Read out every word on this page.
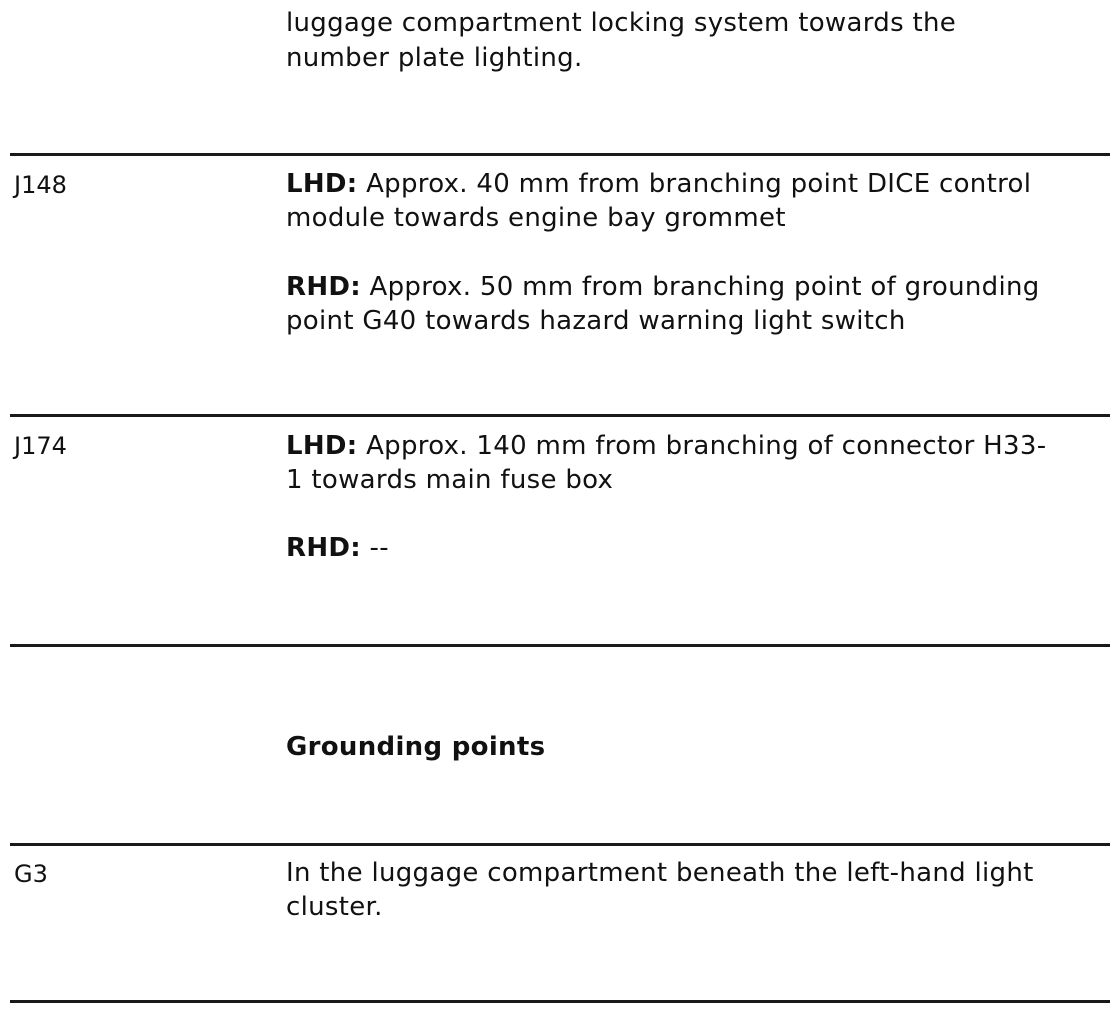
luggage compartment locking system towards the
number plate lighting.
J148	LHD: Approx. 40 mm from branching point DICE control
module towards engine bay grommet
RHD: Approx. 50 mm from branching point of grounding
point G40 towards hazard warning light switch
J174	LHD: Approx. 140 mm from branching of connector H33-
1 towards main fuse box
RHD: --
Grounding points
G3	In the luggage compartment beneath the left-hand light
cluster.
